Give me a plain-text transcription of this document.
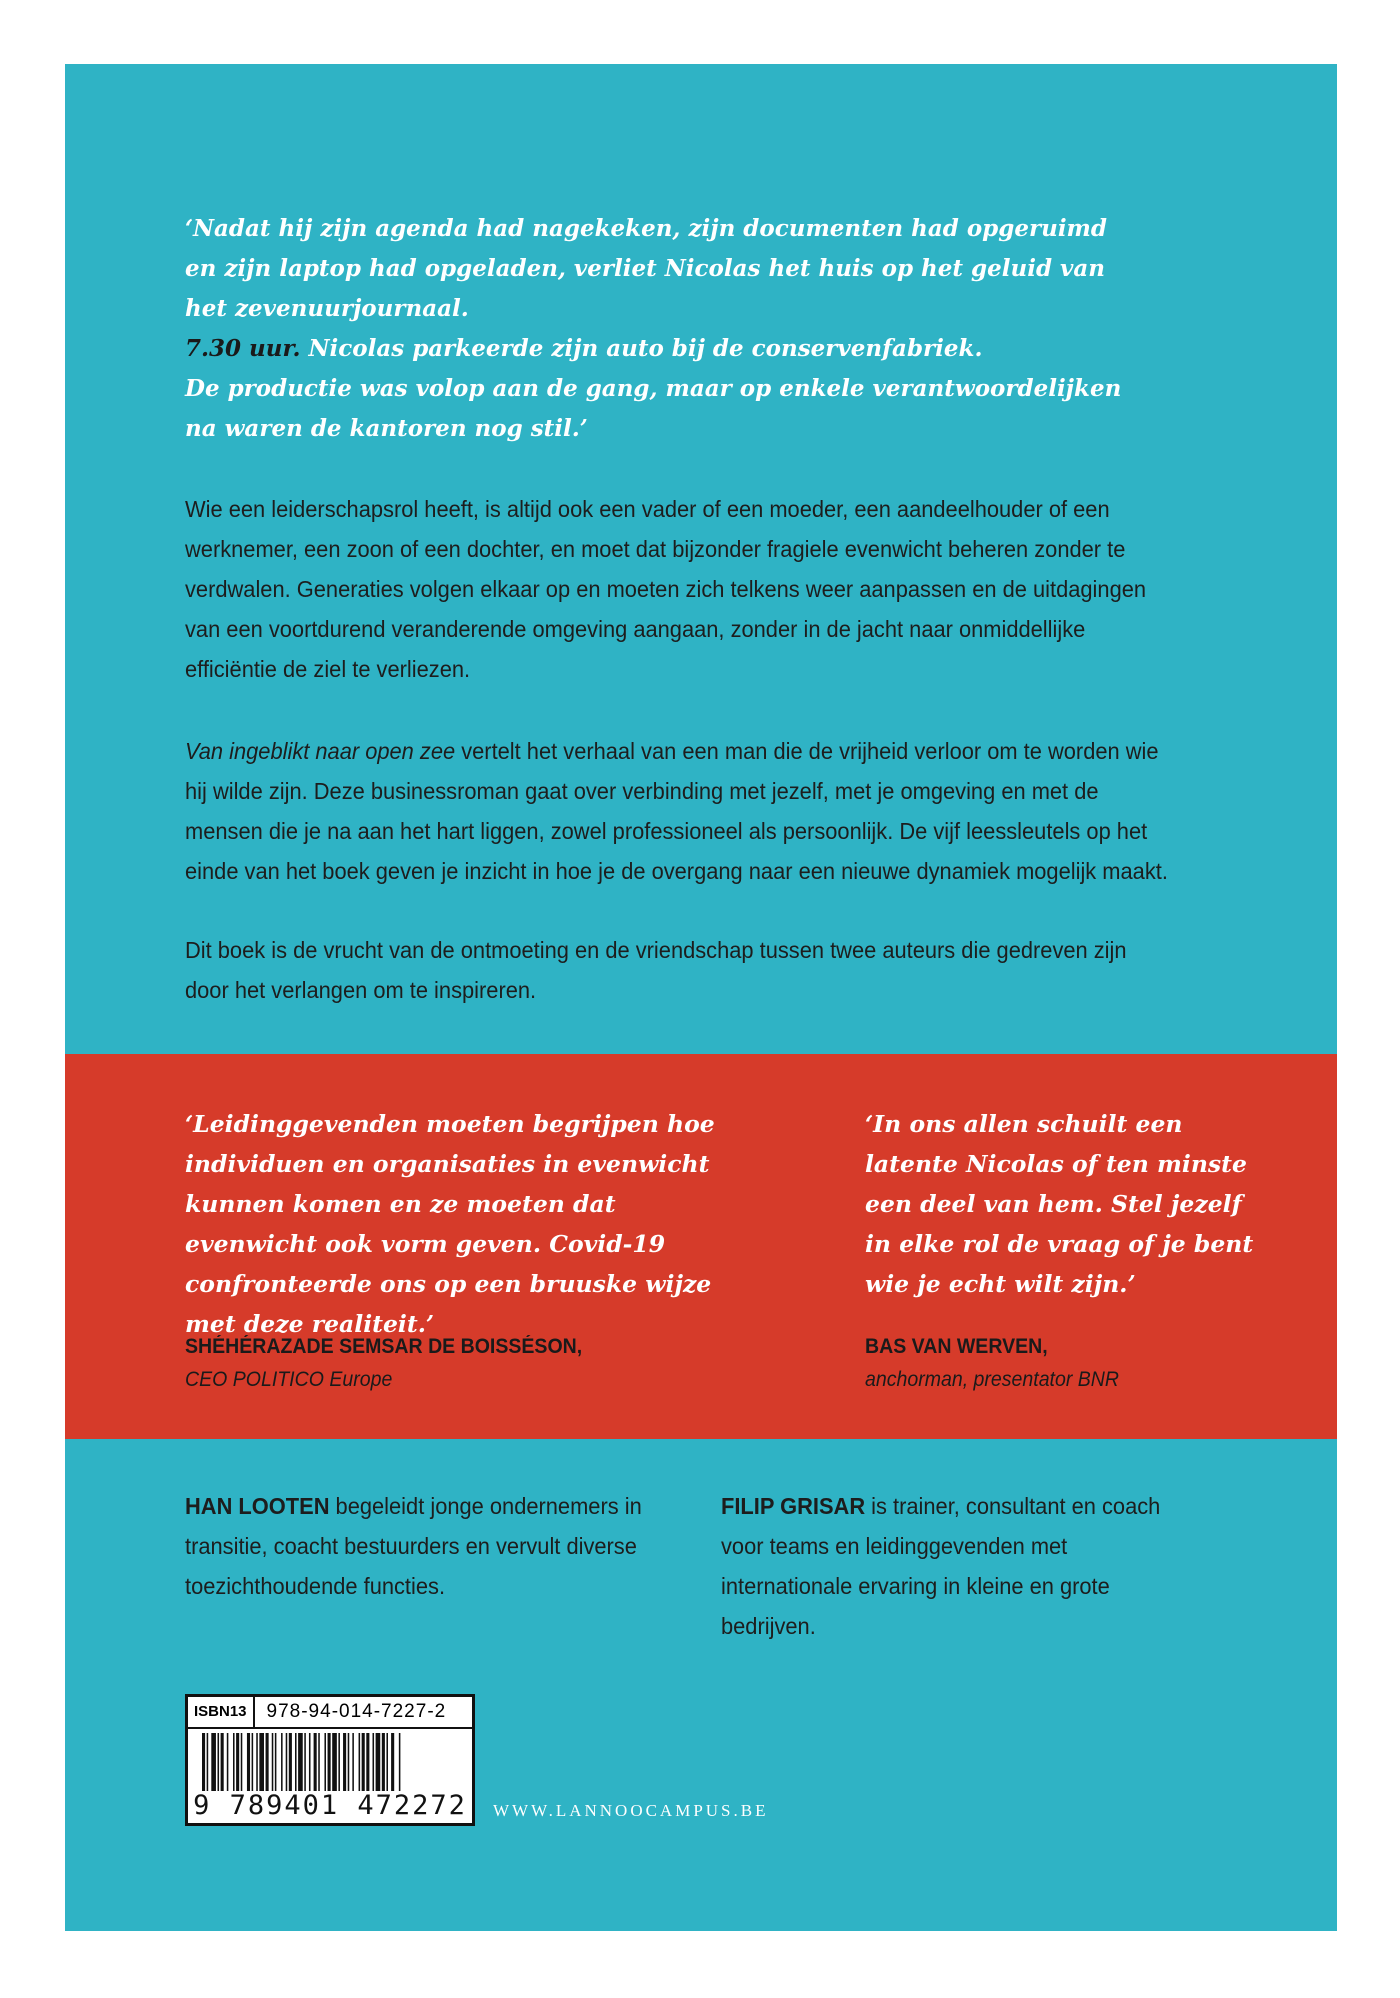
‘Nadat hij zijn agenda had nagekeken, zijn documenten had opgeruimd
en zijn laptop had opgeladen, verliet Nicolas het huis op het geluid van
het zevenuurjournaal.
7.30 uur. Nicolas parkeerde zijn auto bij de conservenfabriek.
De productie was volop aan de gang, maar op enkele verantwoordelijken
na waren de kantoren nog stil.’

Wie een leiderschapsrol heeft, is altijd ook een vader of een moeder, een aandeelhouder of een werknemer, een zoon of een dochter, en moet dat bijzonder fragiele evenwicht beheren zonder te verdwalen. Generaties volgen elkaar op en moeten zich telkens weer aanpassen en de uitdagingen van een voortdurend veranderende omgeving aangaan, zonder in de jacht naar onmiddellijke efficiëntie de ziel te verliezen.

Van ingeblikt naar open zee vertelt het verhaal van een man die de vrijheid verloor om te worden wie hij wilde zijn. Deze businessroman gaat over verbinding met jezelf, met je omgeving en met de mensen die je na aan het hart liggen, zowel professioneel als persoonlijk. De vijf leessleutels op het einde van het boek geven je inzicht in hoe je de overgang naar een nieuwe dynamiek mogelijk maakt.

Dit boek is de vrucht van de ontmoeting en de vriendschap tussen twee auteurs die gedreven zijn door het verlangen om te inspireren.

‘Leidinggevenden moeten begrijpen hoe individuen en organisaties in evenwicht kunnen komen en ze moeten dat evenwicht ook vorm geven. Covid-19 confronteerde ons op een bruuske wijze met deze realiteit.’

‘In ons allen schuilt een latente Nicolas of ten minste een deel van hem. Stel jezelf in elke rol de vraag of je bent wie je echt wilt zijn.’

SHÉHÉRAZADE SEMSAR DE BOISSÉSON,
CEO POLITICO Europe

BAS VAN WERVEN,
anchorman, presentator BNR

HAN LOOTEN begeleidt jonge ondernemers in transitie, coacht bestuurders en vervult diverse toezichthoudende functies.

FILIP GRISAR is trainer, consultant en coach voor teams en leidinggevenden met internationale ervaring in kleine en grote bedrijven.

ISBN13	978-94-014-7227-2
9 789401 472272 WWW.LANNOOCAMPUS.BE
